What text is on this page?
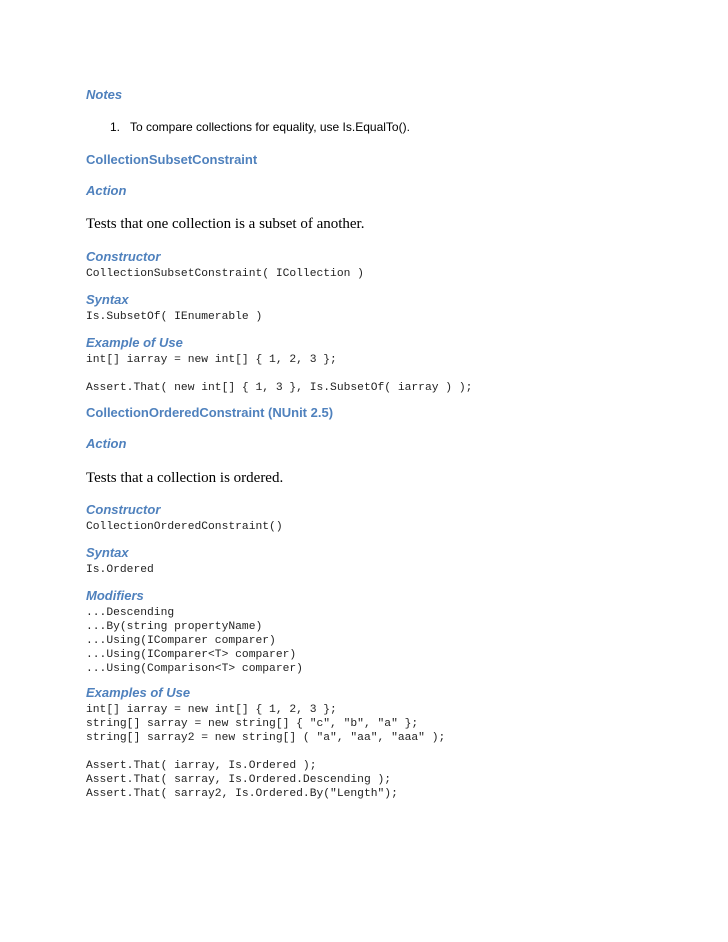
Notes

1. To compare collections for equality, use Is.EqualTo().

CollectionSubsetConstraint

Action

Tests that one collection is a subset of another.

Constructor

CollectionSubsetConstraint( ICollection )

Syntax

Is.SubsetOf( IEnumerable )

Example of Use

int[] iarray = new int[] { 1, 2, 3 };

Assert.That( new int[] { 1, 3 }, Is.SubsetOf( iarray ) );

CollectionOrderedConstraint (NUnit 2.5)

Action

Tests that a collection is ordered.

Constructor

CollectionOrderedConstraint()

Syntax

Is.Ordered

Modifiers

...Descending

...By(string propertyName)

...Using(IComparer comparer)

...Using(IComparer<T> comparer)

...Using(Comparison<T> comparer)

Examples of Use

int[] iarray = new int[] { 1, 2, 3 };

string[] sarray = new string[] { "c", "b", "a" };

string[] sarray2 = new string[] ( "a", "aa", "aaa" );

Assert.That( iarray, Is.Ordered );

Assert.That( sarray, Is.Ordered.Descending );

Assert.That( sarray2, Is.Ordered.By("Length");
